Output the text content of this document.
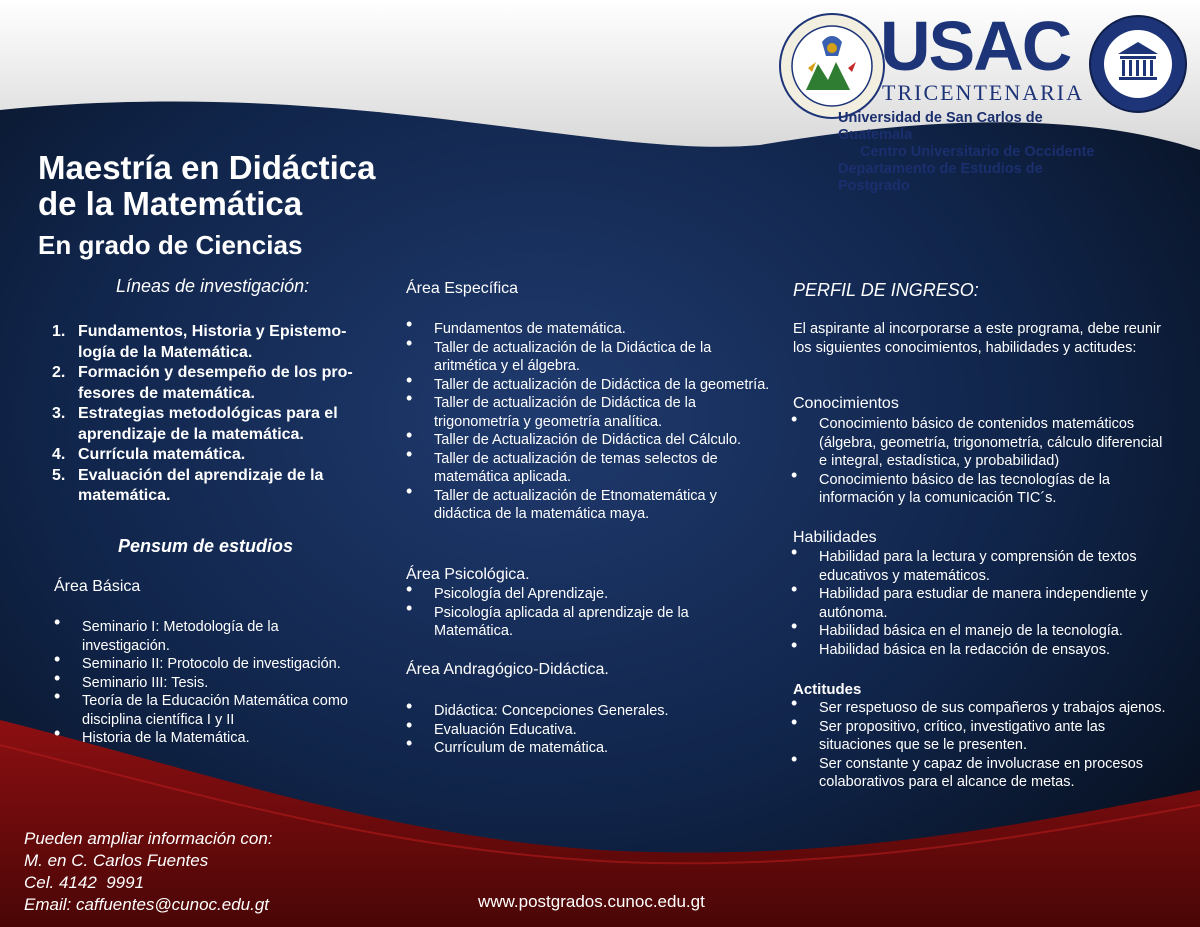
USAC
TRICENTENARIA
Universidad de San Carlos de Guatemala
Centro Universitario de Occidente
Departamento de Estudios de Postgrado
Maestría en Didáctica
de la Matemática
En grado de Ciencias
Líneas de investigación:
1. Fundamentos, Historia y Epistemo-logía de la Matemática.
2. Formación y desempeño de los pro-fesores de matemática.
3. Estrategias metodológicas para el aprendizaje de la matemática.
4. Currícula matemática.
5. Evaluación del aprendizaje de la matemática.
Pensum de estudios
Área Básica
• Seminario I: Metodología de la investigación.
• Seminario II: Protocolo de investigación.
• Seminario III: Tesis.
• Teoría de la Educación Matemática como disciplina científica I y II
• Historia de la Matemática.
Área Específica
• Fundamentos de matemática.
• Taller de actualización de la Didáctica de la aritmética y el álgebra.
• Taller de actualización de Didáctica de la geometría.
• Taller de actualización de Didáctica de la trigonometría y geometría analítica.
• Taller de Actualización de Didáctica del Cálculo.
• Taller de actualización de temas selectos de matemática aplicada.
• Taller de actualización de Etnomatemática y didáctica de la matemática maya.
Área Psicológica.
• Psicología del Aprendizaje.
• Psicología aplicada al aprendizaje de la Matemática.
Área Andragógico-Didáctica.
• Didáctica: Concepciones Generales.
• Evaluación Educativa.
• Currículum de matemática.
PERFIL DE INGRESO:
El aspirante al incorporarse a este programa, debe reunir los siguientes conocimientos, habilidades y actitudes:
Conocimientos
• Conocimiento básico de contenidos matemáticos (álgebra, geometría, trigonometría, cálculo diferencial e integral, estadística, y probabilidad)
• Conocimiento básico de las tecnologías de la información y la comunicación TIC´s.
Habilidades
• Habilidad para la lectura y comprensión de textos educativos y matemáticos.
• Habilidad para estudiar de manera independiente y autónoma.
• Habilidad básica en el manejo de la tecnología.
• Habilidad básica en la redacción de ensayos.
Actitudes
• Ser respetuoso de sus compañeros y trabajos ajenos.
• Ser propositivo, crítico, investigativo ante las situaciones que se le presenten.
• Ser constante y capaz de involucrase en procesos colaborativos para el alcance de metas.
Pueden ampliar información con:
M. en C. Carlos Fuentes
Cel. 4142  9991
Email: caffuentes@cunoc.edu.gt	www.postgrados.cunoc.edu.gt
